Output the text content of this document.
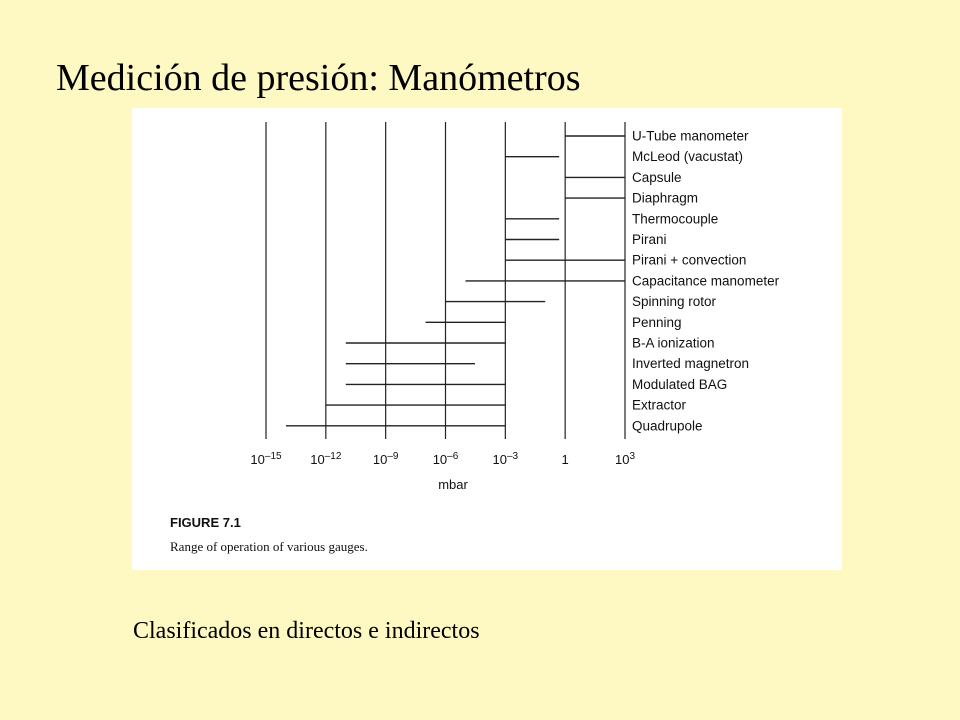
Medición de presión: Manómetros
U-Tube manometer
McLeod (vacustat)
Capsule
Diaphragm
Thermocouple
Pirani
Pirani + convection
Capacitance manometer
Spinning rotor
Penning
B-A ionization
Inverted magnetron
Modulated BAG
Extractor
Quadrupole
$10^{-15}$ $10^{-12}$ $10^{-9}$	$10^{-6}$	$10^{-3}$	1	$10^3$
mbar
FIGURE 7.1
Range of operation of various gauges.
Clasificados en directos e indirectos
